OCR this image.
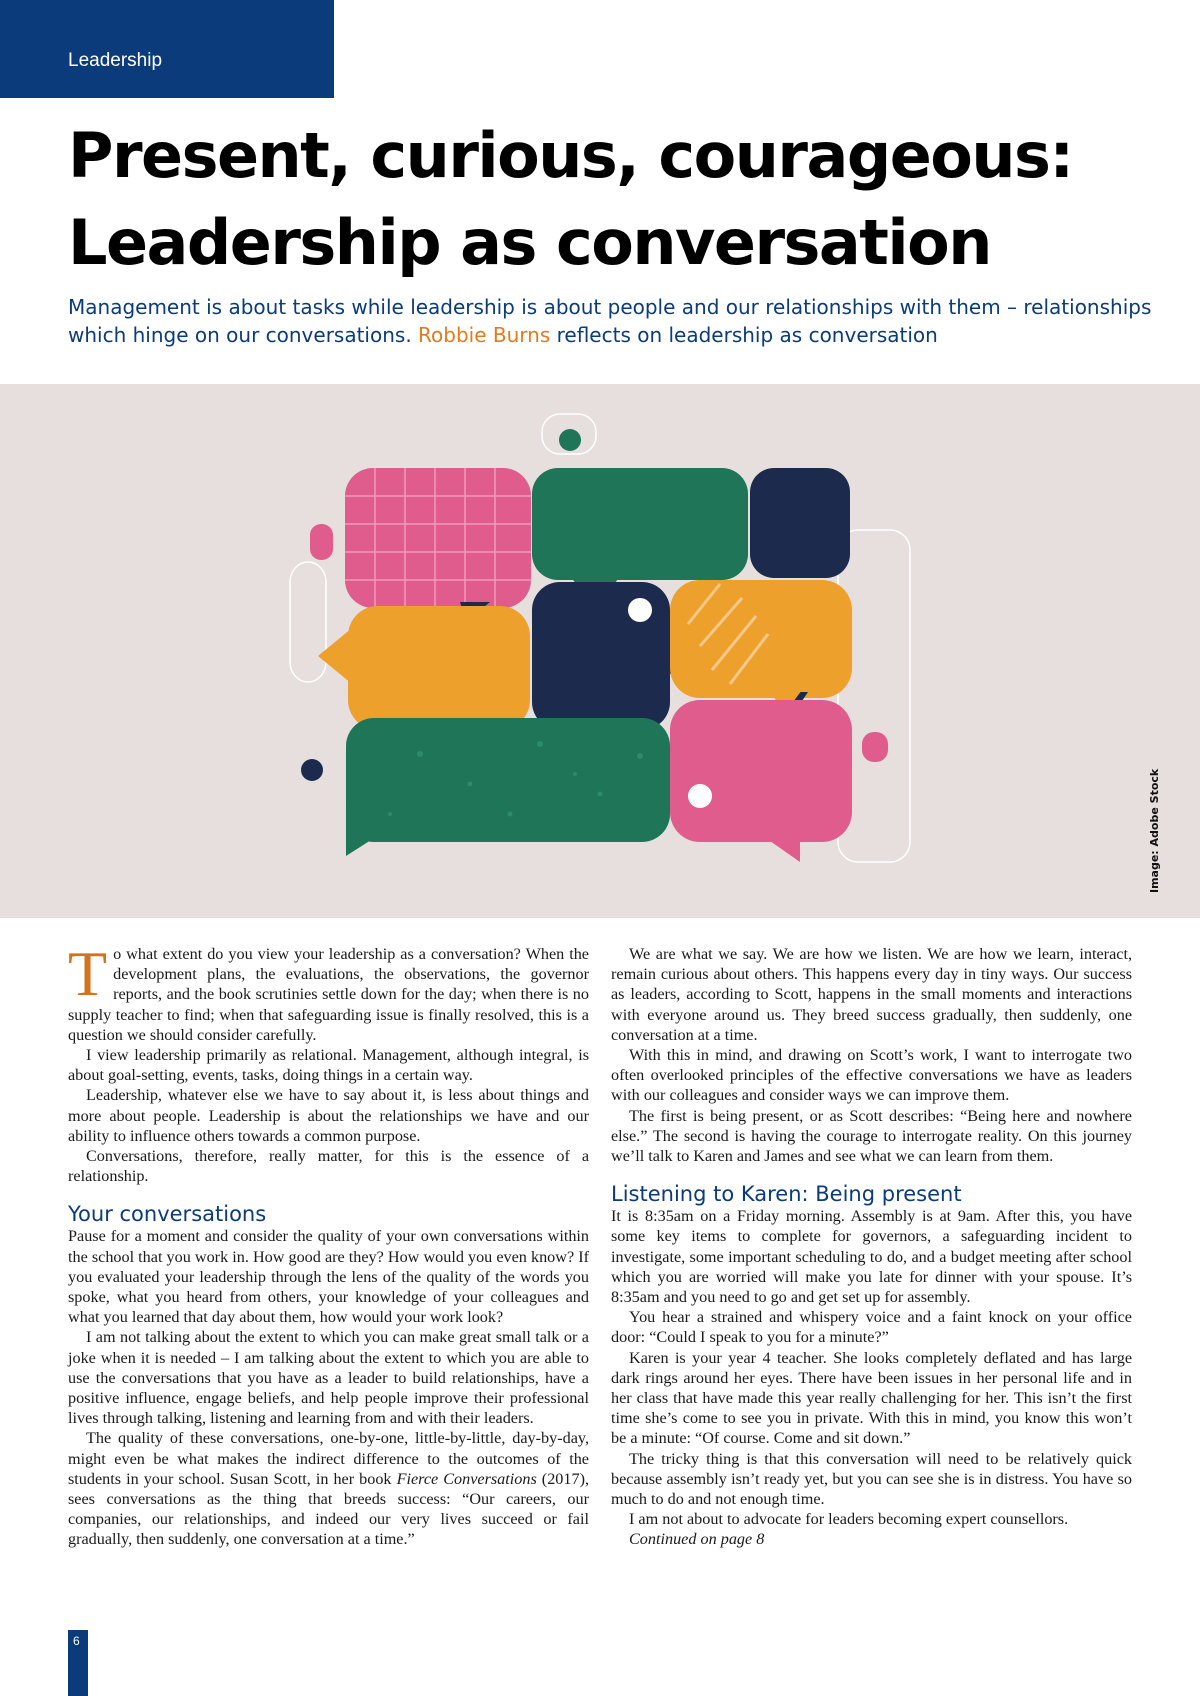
Leadership
Present, curious, courageous:
Leadership as conversation

Management is about tasks while leadership is about people and our relationships with them – relationships which hinge on our conversations. Robbie Burns reflects on leadership as conversation

Image: Adobe Stock

To what extent do you view your leadership as a conversation? When the development plans, the evaluations, the observations, the governor reports, and the book scrutinies settle down for the day; when there is no supply teacher to find; when that safeguarding issue is finally resolved, this is a question we should consider carefully.

I view leadership primarily as relational. Management, although integral, is about goal-setting, events, tasks, doing things in a certain way.

Leadership, whatever else we have to say about it, is less about things and more about people. Leadership is about the relationships we have and our ability to influence others towards a common purpose.

Conversations, therefore, really matter, for this is the essence of a relationship.

Your conversations

Pause for a moment and consider the quality of your own conversations within the school that you work in. How good are they? How would you even know? If you evaluated your leadership through the lens of the quality of the words you spoke, what you heard from others, your knowledge of your colleagues and what you learned that day about them, how would your work look?

I am not talking about the extent to which you can make great small talk or a joke when it is needed – I am talking about the extent to which you are able to use the conversations that you have as a leader to build relationships, have a positive influence, engage beliefs, and help people improve their professional lives through talking, listening and learning from and with their leaders.

The quality of these conversations, one-by-one, little-by-little, day-by-day, might even be what makes the indirect difference to the outcomes of the students in your school. Susan Scott, in her book Fierce Conversations (2017), sees conversations as the thing that breeds success: “Our careers, our companies, our relationships, and indeed our very lives succeed or fail gradually, then suddenly, one conversation at a time.”

We are what we say. We are how we listen. We are how we learn, interact, remain curious about others. This happens every day in tiny ways. Our success as leaders, according to Scott, happens in the small moments and interactions with everyone around us. They breed success gradually, then suddenly, one conversation at a time.

With this in mind, and drawing on Scott’s work, I want to interrogate two often overlooked principles of the effective conversations we have as leaders with our colleagues and consider ways we can improve them.

The first is being present, or as Scott describes: “Being here and nowhere else.” The second is having the courage to interrogate reality. On this journey we’ll talk to Karen and James and see what we can learn from them.

Listening to Karen: Being present

It is 8:35am on a Friday morning. Assembly is at 9am. After this, you have some key items to complete for governors, a safeguarding incident to investigate, some important scheduling to do, and a budget meeting after school which you are worried will make you late for dinner with your spouse. It’s 8:35am and you need to go and get set up for assembly.

You hear a strained and whispery voice and a faint knock on your office door: “Could I speak to you for a minute?”

Karen is your year 4 teacher. She looks completely deflated and has large dark rings around her eyes. There have been issues in her personal life and in her class that have made this year really challenging for her. This isn’t the first time she’s come to see you in private. With this in mind, you know this won’t be a minute: “Of course. Come and sit down.”

The tricky thing is that this conversation will need to be relatively quick because assembly isn’t ready yet, but you can see she is in distress. You have so much to do and not enough time.

I am not about to advocate for leaders becoming expert counsellors.

Continued on page 8

6
